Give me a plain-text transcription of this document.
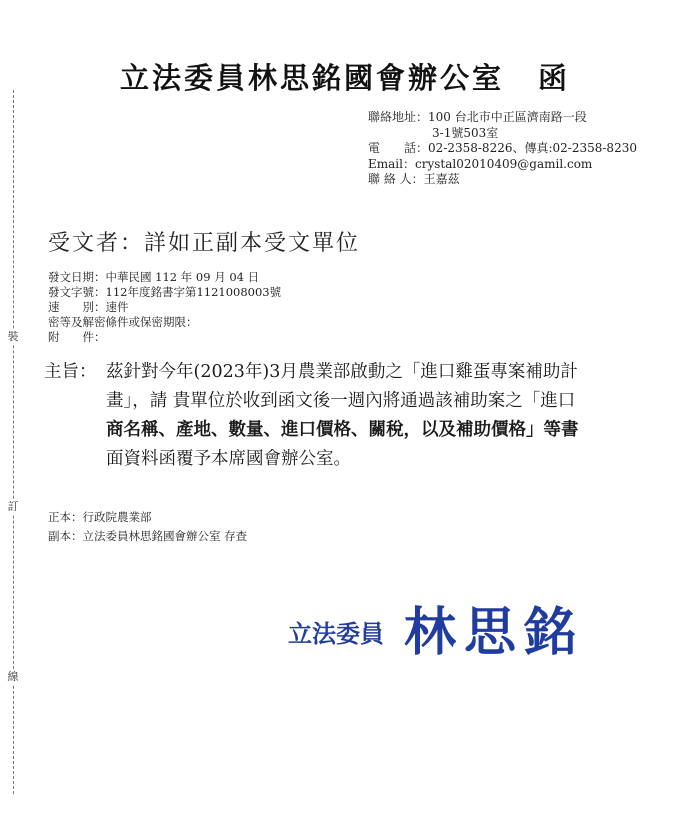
裝
訂
線
立法委員林思銘國會辦公室 函
聯絡地址： 100 台北市中正區濟南路一段
3-1號503室
電　　話： 02-2358-8226、傳真:02-2358-8230
Email： crystal02010409@gamil.com
聯 絡 人： 王嘉茲
受文者：詳如正副本受文單位
發文日期： 中華民國 112 年 09 月 04 日
發文字號： 112年度銘書字第1121008003號
速　　別： 速件
密等及解密條件或保密期限：
附　　件：
主旨： 茲針對今年(2023年)3月農業部啟動之「進口雞蛋專案補助計
畫」，請 貴單位於收到函文後一週內將通過該補助案之「進口
商名稱、產地、數量、進口價格、關稅，以及補助價格」等書
面資料函覆予本席國會辦公室。
正本：行政院農業部
副本：立法委員林思銘國會辦公室 存查
立法委員 林思銘
